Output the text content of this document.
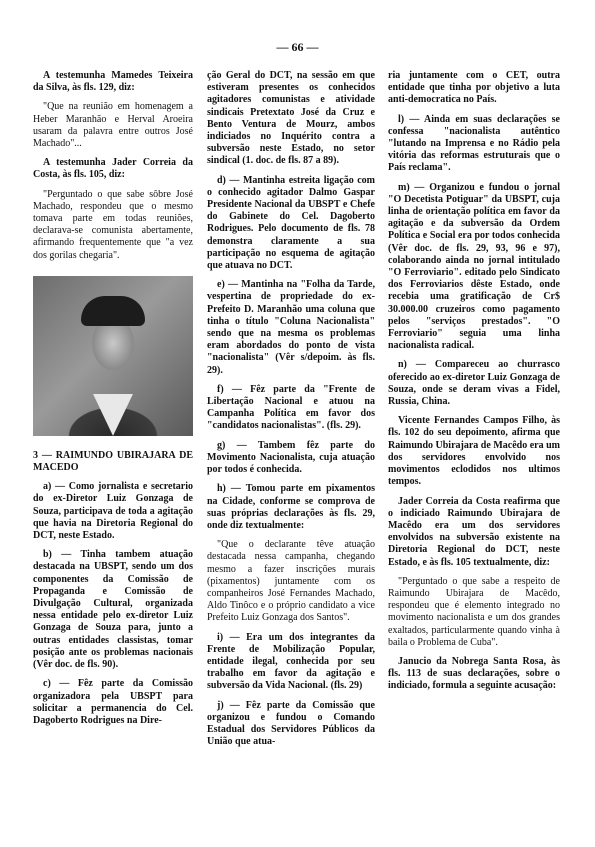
— 66 —

A testemunha Mamedes Teixeira da Silva, às fls. 129, diz:

"Que na reunião em homenagem a Heber Maranhão e Herval Aroeira usaram da palavra entre outros José Machado"...

A testemunha Jader Correia da Costa, às fls. 105, diz:

"Perguntado o que sabe sôbre José Machado, respondeu que o mesmo tomava parte em todas reuniões, declarava-se comunista abertamente, afirmando frequentemente que "a vez dos gorilas chegaria".

3 — RAIMUNDO UBIRAJARA DE MACEDO

a) — Como jornalista e secretario do ex-Diretor Luiz Gonzaga de Souza, participava de toda a agitação que havia na Diretoria Regional do DCT, neste Estado.

b) — Tinha tambem atuação destacada na UBSPT, sendo um dos componentes da Comissão de Propaganda e Comissão de Divulgação Cultural, organizada nessa entidade pelo ex-diretor Luiz Gonzaga de Souza para, junto a outras entidades classistas, tomar posição ante os problemas nacionais (Vêr doc. de fls. 90).

c) — Fêz parte da Comissão organizadora pela UBSPT para solicitar a permanencia do Cel. Dagoberto Rodrigues na Dire-

ção Geral do DCT, na sessão em que estiveram presentes os conhecidos agitadores comunistas e atividade sindicais Pretextato José da Cruz e Bento Ventura de Mourz, ambos indiciados no Inquérito contra a subversão neste Estado, no setor sindical (1. doc. de fls. 87 a 89).

d) — Mantinha estreita ligação com o conhecido agitador Dalmo Gaspar Presidente Nacional da UBSPT e Chefe do Gabinete do Cel. Dagoberto Rodrigues. Pelo documento de fls. 78 demonstra claramente a sua participação no esquema de agitação que atuava no DCT.

e) — Mantinha na "Folha da Tarde, vespertina de propriedade do ex-Prefeito D. Maranhão uma coluna que tinha o título "Coluna Nacionalista" sendo que na mesma os problemas eram abordados do ponto de vista "nacionalista" (Vêr s/depoim. às fls. 29).

f) — Fêz parte da "Frente de Libertação Nacional e atuou na Campanha Política em favor dos "candidatos nacionalistas". (fls. 29).

g) — Tambem fêz parte do Movimento Nacionalista, cuja atuação por todos é conhecida.

h) — Tomou parte em pixamentos na Cidade, conforme se comprova de suas próprias declarações às fls. 29, onde diz textualmente:

"Que o declarante têve atuação destacada nessa campanha, chegando mesmo a fazer inscrições murais (pixamentos) juntamente com os companheiros José Fernandes Machado, Aldo Tinôco e o próprio candidato a vice Prefeito Luiz Gonzaga dos Santos".

i) — Era um dos integrantes da Frente de Mobilização Popular, entidade ilegal, conhecida por seu trabalho em favor da agitação e subversão da Vida Nacional. (fls. 29)

j) — Fêz parte da Comissão que organizou e fundou o Comando Estadual dos Servidores Públicos da União que atua-

ria juntamente com o CET, outra entidade que tinha por objetivo a luta anti-democratica no País.

l) — Ainda em suas declarações se confessa "nacionalista autêntico "lutando na Imprensa e no Rádio pela vitória das reformas estruturais que o País reclama".

m) — Organizou e fundou o jornal "O Decetista Potiguar" da UBSPT, cuja linha de orientação política em favor da agitação e da subversão da Ordem Política e Social era por todos conhecida (Vêr doc. de fls. 29, 93, 96 e 97), colaborando ainda no jornal intitulado "O Ferroviario". editado pelo Sindicato dos Ferroviarios dêste Estado, onde recebia uma gratificação de Cr$ 30.000.00 cruzeiros como pagamento pelos "serviços prestados". "O Ferroviario" seguia uma linha nacionalista radical.

n) — Compareceu ao churrasco oferecido ao ex-diretor Luiz Gonzaga de Souza, onde se deram vivas a Fidel, Russia, China.

Vicente Fernandes Campos Filho, às fls. 102 do seu depoimento, afirma que Raimundo Ubirajara de Macêdo era um dos servidores envolvido nos movimentos eclodidos nos ultimos tempos.

Jader Correia da Costa reafirma que o indiciado Raimundo Ubirajara de Macêdo era um dos servidores envolvidos na subversão existente na Diretoria Regional do DCT, neste Estado, e às fls. 105 textualmente, diz:

"Perguntado o que sabe a respeito de Raimundo Ubirajara de Macêdo, respondeu que é elemento integrado no movimento nacionalista e um dos grandes exaltados, particularmente quando vinha à baila o Problema de Cuba".

Janucio da Nobrega Santa Rosa, às fls. 113 de suas declarações, sobre o indiciado, formula a seguinte acusação:
